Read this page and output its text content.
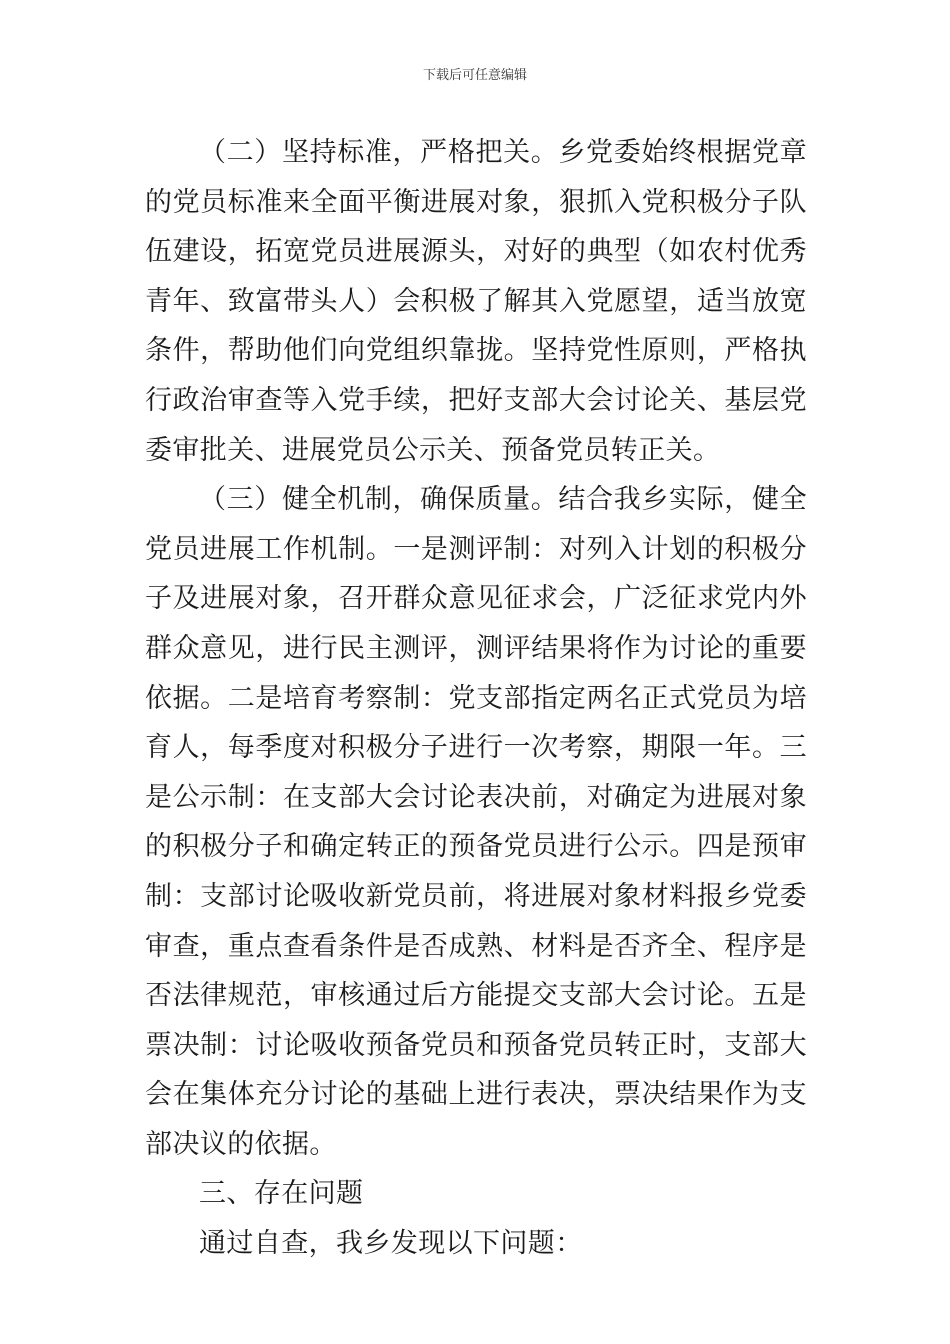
下载后可任意编辑

（二）坚持标准，严格把关。乡党委始终根据党章的党员标准来全面平衡进展对象，狠抓入党积极分子队伍建设，拓宽党员进展源头，对好的典型（如农村优秀青年、致富带头人）会积极了解其入党愿望，适当放宽条件，帮助他们向党组织靠拢。坚持党性原则，严格执行政治审查等入党手续，把好支部大会讨论关、基层党委审批关、进展党员公示关、预备党员转正关。

（三）健全机制，确保质量。结合我乡实际，健全党员进展工作机制。一是测评制：对列入计划的积极分子及进展对象，召开群众意见征求会，广泛征求党内外群众意见，进行民主测评，测评结果将作为讨论的重要依据。二是培育考察制：党支部指定两名正式党员为培育人，每季度对积极分子进行一次考察，期限一年。三是公示制：在支部大会讨论表决前，对确定为进展对象的积极分子和确定转正的预备党员进行公示。四是预审制：支部讨论吸收新党员前，将进展对象材料报乡党委审查，重点查看条件是否成熟、材料是否齐全、程序是否法律规范，审核通过后方能提交支部大会讨论。五是票决制：讨论吸收预备党员和预备党员转正时，支部大会在集体充分讨论的基础上进行表决，票决结果作为支部决议的依据。

三、存在问题

通过自查，我乡发现以下问题：
